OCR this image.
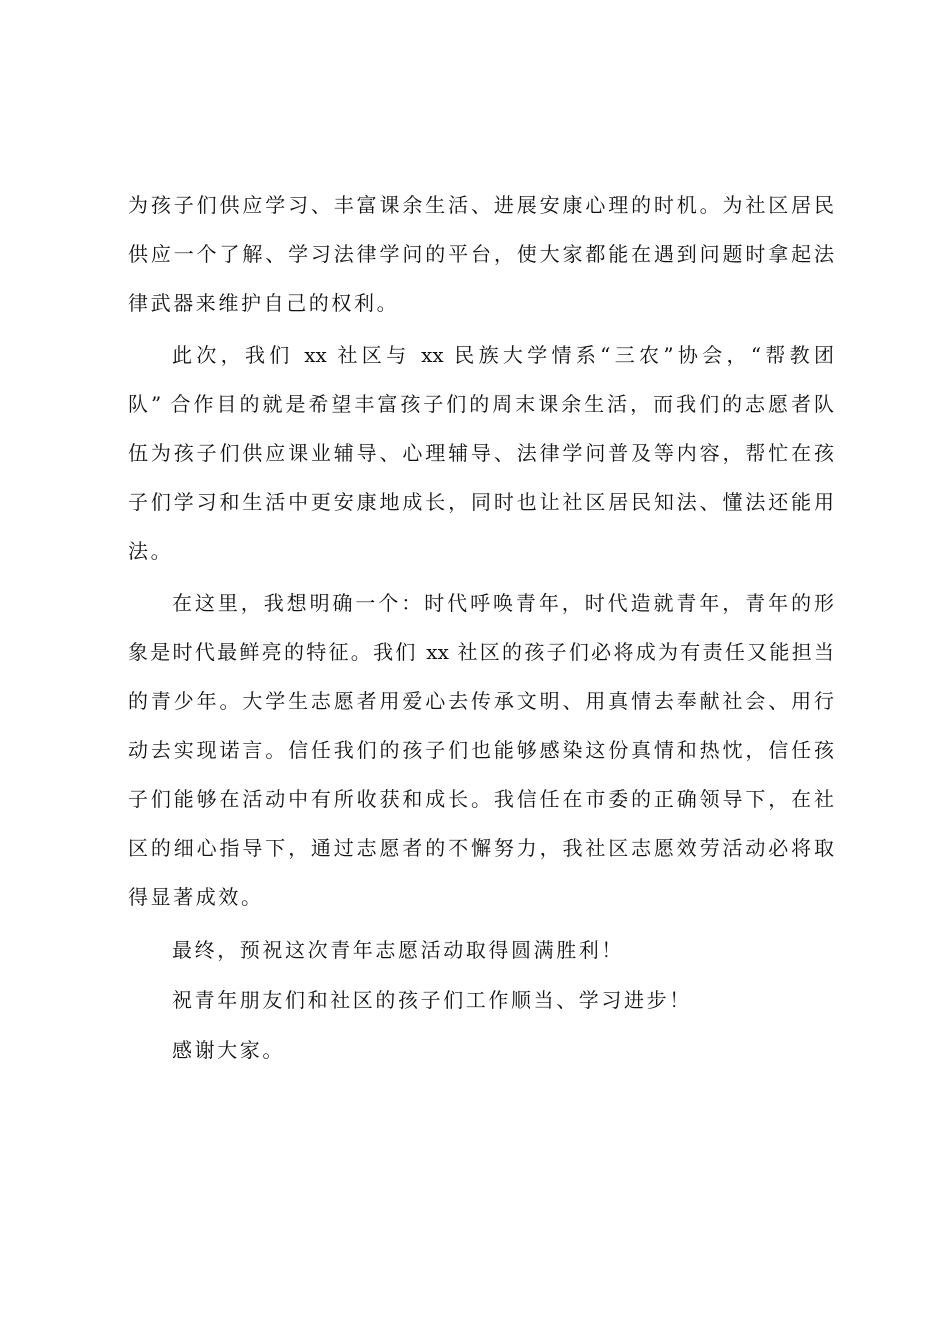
为孩子们供应学习、丰富课余生活、进展安康心理的时机。为社区居民

供应一个了解、学习法律学问的平台，使大家都能在遇到问题时拿起法

律武器来维护自己的权利。

此次，我们 xx 社区与 xx 民族大学情系“三农”协会，“帮教团

队” 合作目的就是希望丰富孩子们的周末课余生活，而我们的志愿者队

伍为孩子们供应课业辅导、心理辅导、法律学问普及等内容，帮忙在孩

子们学习和生活中更安康地成长，同时也让社区居民知法、懂法还能用

法。

在这里，我想明确一个：时代呼唤青年，时代造就青年，青年的形

象是时代最鲜亮的特征。我们 xx 社区的孩子们必将成为有责任又能担当

的青少年。大学生志愿者用爱心去传承文明、用真情去奉献社会、用行

动去实现诺言。信任我们的孩子们也能够感染这份真情和热忱，信任孩

子们能够在活动中有所收获和成长。我信任在市委的正确领导下，在社

区的细心指导下，通过志愿者的不懈努力，我社区志愿效劳活动必将取

得显著成效。

最终，预祝这次青年志愿活动取得圆满胜利！

祝青年朋友们和社区的孩子们工作顺当、学习进步！

感谢大家。
